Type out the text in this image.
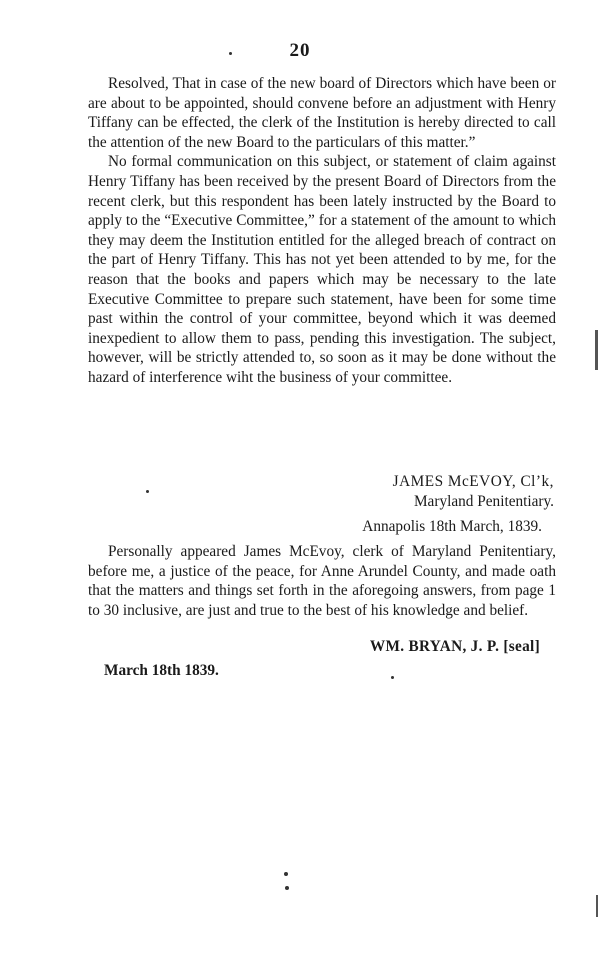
20

Resolved, That in case of the new board of Directors which have been or are about to be appointed, should convene before an adjustment with Henry Tiffany can be effected, the clerk of the Institution is hereby directed to call the attention of the new Board to the particulars of this matter.”

No formal communication on this subject, or statement of claim against Henry Tiffany has been received by the present Board of Directors from the recent clerk, but this respondent has been lately instructed by the Board to apply to the “Executive Committee,” for a statement of the amount to which they may deem the Institution entitled for the alleged breach of contract on the part of Henry Tiffany. This has not yet been attended to by me, for the reason that the books and papers which may be necessary to the late Executive Committee to prepare such statement, have been for some time past within the control of your committee, beyond which it was deemed inexpedient to allow them to pass, pending this investigation. The subject, however, will be strictly attended to, so soon as it may be done without the hazard of interference wiht the business of your committee.

JAMES McEVOY, Cl’k,
Maryland Penitentiary.
Annapolis 18th March, 1839.

Personally appeared James McEvoy, clerk of Maryland Penitentiary, before me, a justice of the peace, for Anne Arundel County, and made oath that the matters and things set forth in the aforegoing answers, from page 1 to 30 inclusive, are just and true to the best of his knowledge and belief.

WM. BRYAN, J. P. [seal]
March 18th 1839.
